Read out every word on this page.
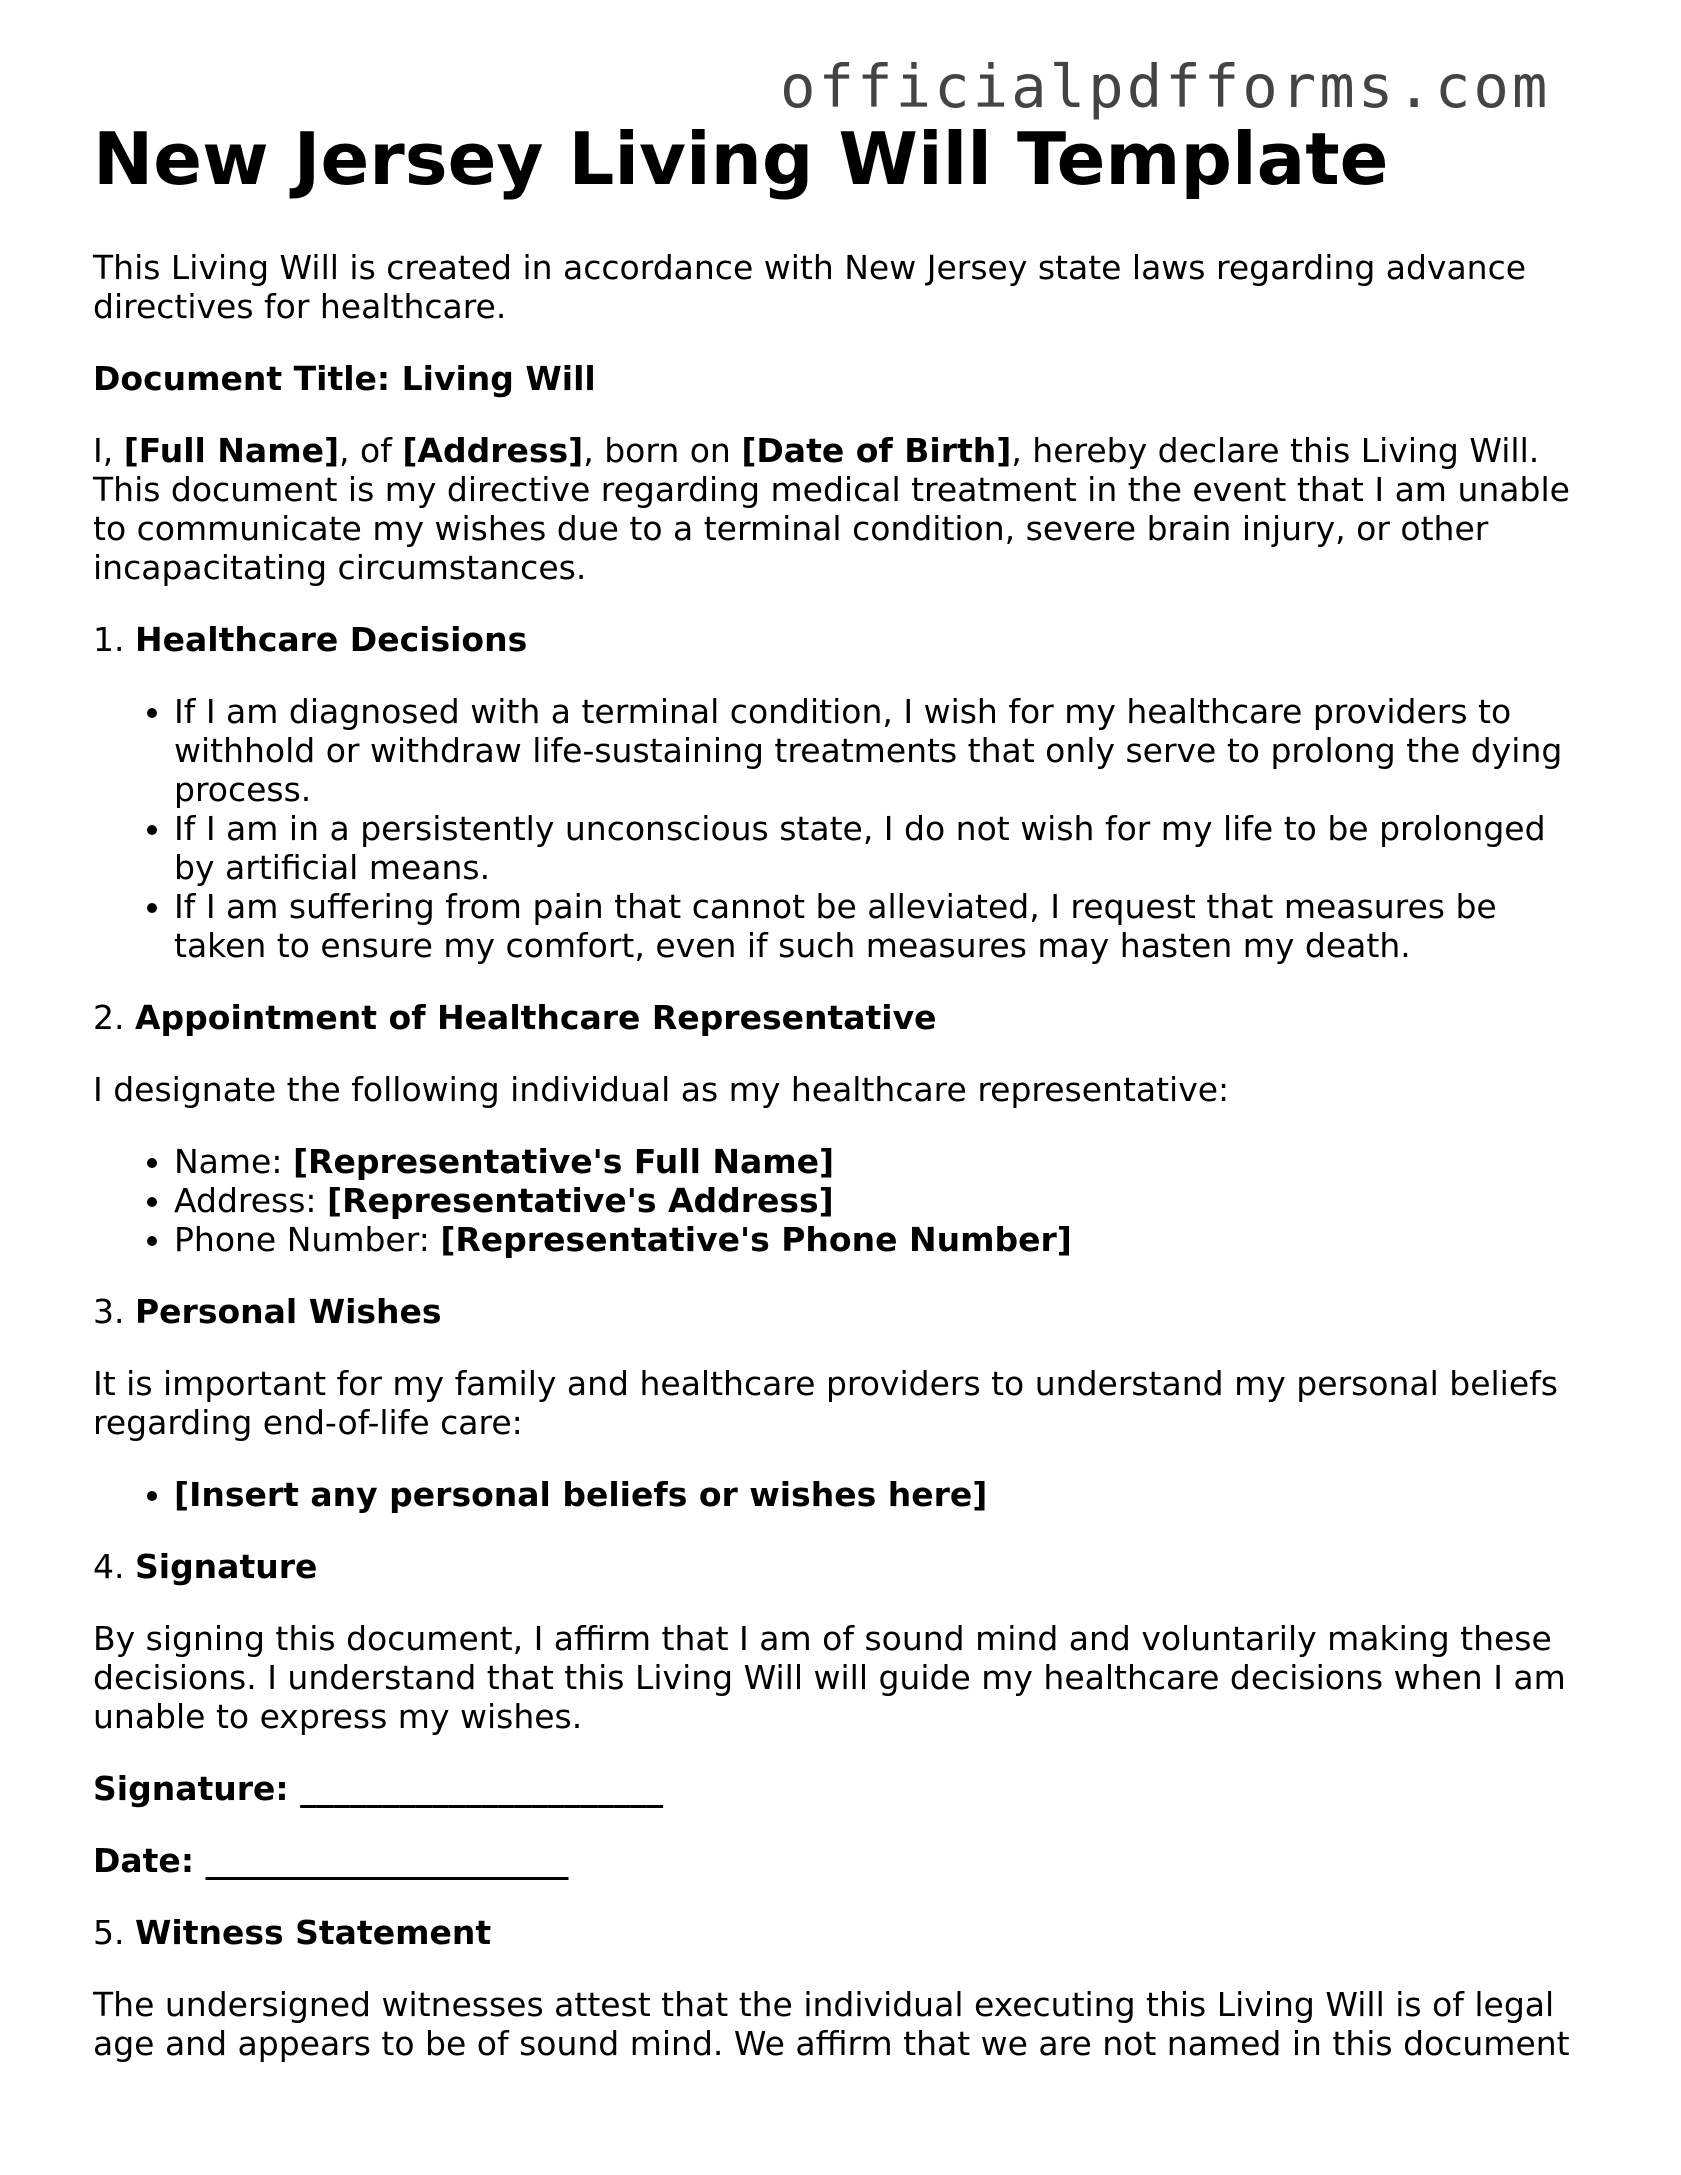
officialpdfforms.com
New Jersey Living Will Template

This Living Will is created in accordance with New Jersey state laws regarding advance directives for healthcare.

Document Title: Living Will

I, [Full Name], of [Address], born on [Date of Birth], hereby declare this Living Will. This document is my directive regarding medical treatment in the event that I am unable to communicate my wishes due to a terminal condition, severe brain injury, or other incapacitating circumstances.

1. Healthcare Decisions
• If I am diagnosed with a terminal condition, I wish for my healthcare providers to withhold or withdraw life-sustaining treatments that only serve to prolong the dying process.
• If I am in a persistently unconscious state, I do not wish for my life to be prolonged by artificial means.
• If I am suffering from pain that cannot be alleviated, I request that measures be taken to ensure my comfort, even if such measures may hasten my death.
2. Appointment of Healthcare Representative

I designate the following individual as my healthcare representative:

• Name: [Representative's Full Name]
• Address: [Representative's Address]
• Phone Number: [Representative's Phone Number]
3. Personal Wishes

It is important for my family and healthcare providers to understand my personal beliefs regarding end-of-life care:

• [Insert any personal beliefs or wishes here]
4. Signature

By signing this document, I affirm that I am of sound mind and voluntarily making these decisions. I understand that this Living Will will guide my healthcare decisions when I am unable to express my wishes.

Signature: ______________________

Date: ______________________

5. Witness Statement

The undersigned witnesses attest that the individual executing this Living Will is of legal age and appears to be of sound mind. We affirm that we are not named in this document
